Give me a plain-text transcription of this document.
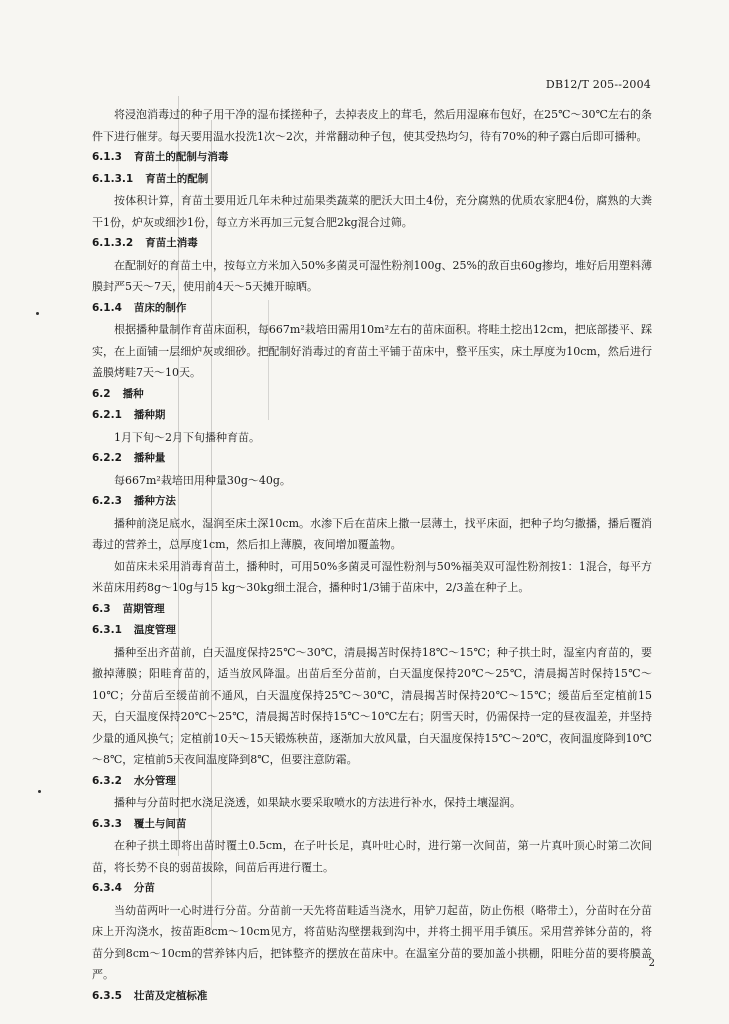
DB12/T 205--2004
将浸泡消毒过的种子用干净的湿布揉搓种子，去掉表皮上的茸毛，然后用湿麻布包好，在25℃～30℃左右的条件下进行催芽。每天要用温水投洗1次～2次，并常翻动种子包，使其受热均匀，待有70%的种子露白后即可播种。
6.1.3 育苗土的配制与消毒
6.1.3.1 育苗土的配制
按体积计算，育苗土要用近几年未种过茄果类蔬菜的肥沃大田土4份，充分腐熟的优质农家肥4份，腐熟的大粪干1份，炉灰或细沙1份，每立方米再加三元复合肥2kg混合过筛。
6.1.3.2 育苗土消毒
在配制好的育苗土中，按每立方米加入50%多菌灵可湿性粉剂100g、25%的敌百虫60g掺均，堆好后用塑料薄膜封严5天～7天，使用前4天～5天摊开晾晒。
6.1.4 苗床的制作
根据播种量制作育苗床面积，每667m²栽培田需用10m²左右的苗床面积。将畦土挖出12cm，把底部搂平、踩实，在上面铺一层细炉灰或细砂。把配制好消毒过的育苗土平铺于苗床中，整平压实，床土厚度为10cm，然后进行盖膜烤畦7天～10天。
6.2 播种
6.2.1 播种期
1月下旬～2月下旬播种育苗。
6.2.2 播种量
每667m²栽培田用种量30g～40g。
6.2.3 播种方法
播种前浇足底水，湿润至床土深10cm。水渗下后在苗床上撒一层薄土，找平床面，把种子均匀撒播，播后覆消毒过的营养土，总厚度1cm，然后扣上薄膜，夜间增加覆盖物。
如苗床未采用消毒育苗土，播种时，可用50%多菌灵可湿性粉剂与50%福美双可湿性粉剂按1：1混合，每平方米苗床用药8g～10g与15 kg～30kg细土混合，播种时1/3铺于苗床中，2/3盖在种子上。
6.3 苗期管理
6.3.1 温度管理
播种至出齐苗前，白天温度保持25℃～30℃，清晨揭苫时保持18℃～15℃；种子拱土时，湿室内育苗的，要撤掉薄膜；阳畦育苗的，适当放风降温。出苗后至分苗前，白天温度保持20℃～25℃，清晨揭苫时保持15℃～10℃；分苗后至缓苗前不通风，白天温度保持25℃～30℃，清晨揭苫时保持20℃～15℃；缓苗后至定植前15天，白天温度保持20℃～25℃，清晨揭苫时保持15℃～10℃左右；阴雪天时，仍需保持一定的昼夜温差，并坚持少量的通风换气；定植前10天～15天锻炼秧苗，逐渐加大放风量，白天温度保持15℃～20℃，夜间温度降到10℃～8℃，定植前5天夜间温度降到8℃，但要注意防霜。
6.3.2 水分管理
播种与分苗时把水浇足浇透，如果缺水要采取喷水的方法进行补水，保持土壤湿润。
6.3.3 覆土与间苗
在种子拱土即将出苗时覆土0.5cm，在子叶长足，真叶吐心时，进行第一次间苗，第一片真叶顶心时第二次间苗，将长势不良的弱苗拔除，间苗后再进行覆土。
6.3.4 分苗
当幼苗两叶一心时进行分苗。分苗前一天先将苗畦适当浇水，用铲刀起苗，防止伤根（略带土），分苗时在分苗床上开沟浇水，按苗距8cm～10cm见方，将苗贴沟壁摆栽到沟中，并将土拥平用手镇压。采用营养钵分苗的，将苗分到8cm～10cm的营养钵内后，把钵整齐的摆放在苗床中。在温室分苗的要加盖小拱棚，阳畦分苗的要将膜盖严。
6.3.5 壮苗及定植标准
2
